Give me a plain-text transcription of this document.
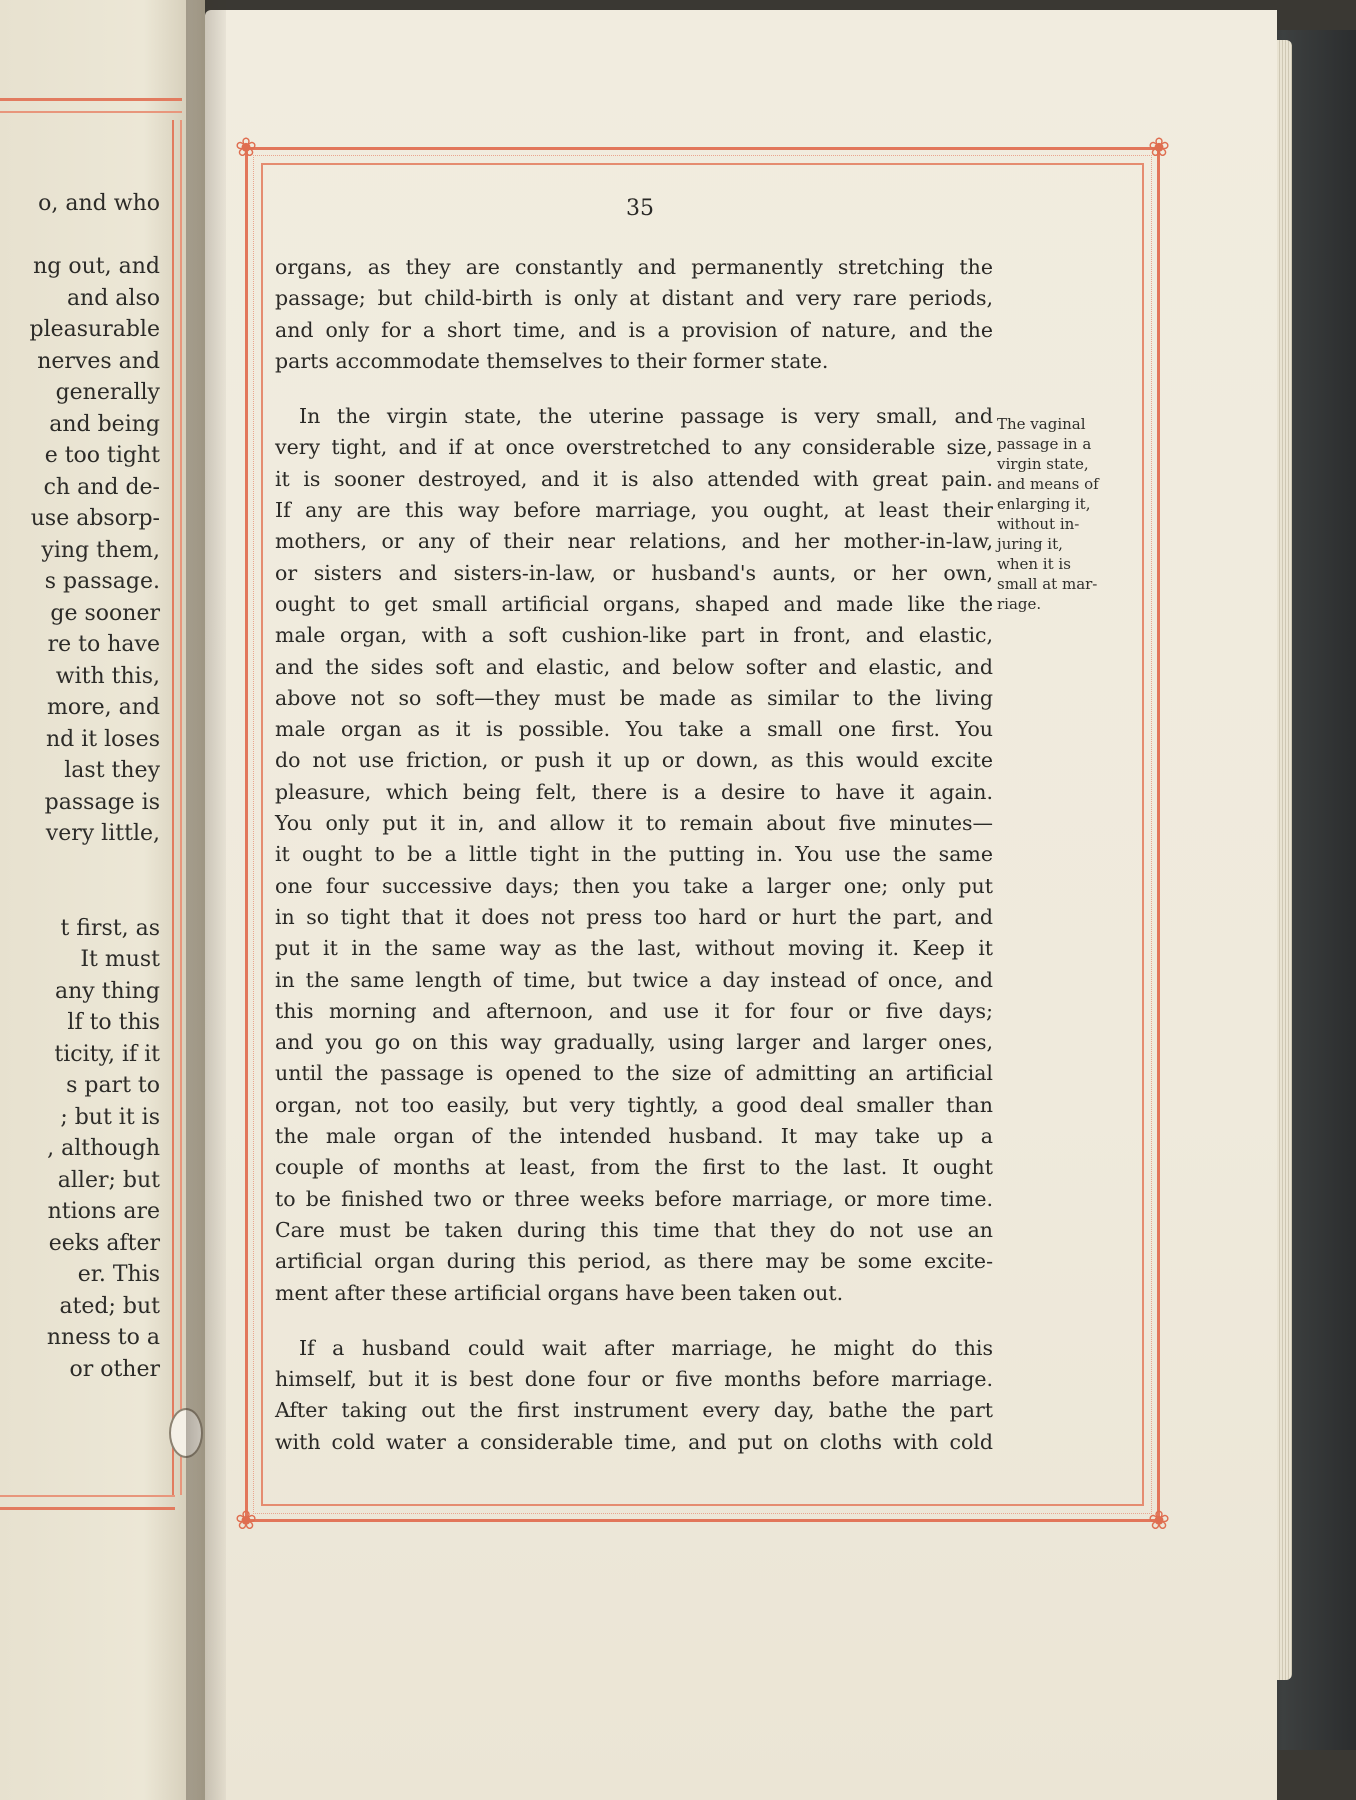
o, and who
ng out, and
and also
pleasurable
nerves and
generally
and being
e too tight
ch and de-
use absorp-
ying them,
s passage.
ge sooner
re to have
with this,
more, and
nd it loses
last they
passage is
very little,
t first, as
It must
any thing
lf to this
ticity, if it
s part to
; but it is
, although
aller; but
ntions are
eeks after
er. This
ated; but
nness to a
or other
❀	❀
❀	❀
35
organs, as they are constantly and permanently stretching the
passage; but child-birth is only at distant and very rare periods,
and only for a short time, and is a provision of nature, and the
parts accommodate themselves to their former state.
In the virgin state, the uterine passage is very small, and
very tight, and if at once overstretched to any considerable size,
it is sooner destroyed, and it is also attended with great pain.
If any are this way before marriage, you ought, at least their
mothers, or any of their near relations, and her mother-in-law,
or sisters and sisters-in-law, or husband's aunts, or her own,
ought to get small artificial organs, shaped and made like the
male organ, with a soft cushion-like part in front, and elastic,
and the sides soft and elastic, and below softer and elastic, and
above not so soft—they must be made as similar to the living
male organ as it is possible. You take a small one first. You
do not use friction, or push it up or down, as this would excite
pleasure, which being felt, there is a desire to have it again.
You only put it in, and allow it to remain about five minutes—
it ought to be a little tight in the putting in. You use the same
one four successive days; then you take a larger one; only put
in so tight that it does not press too hard or hurt the part, and
put it in the same way as the last, without moving it. Keep it
in the same length of time, but twice a day instead of once, and
this morning and afternoon, and use it for four or five days;
and you go on this way gradually, using larger and larger ones,
until the passage is opened to the size of admitting an artificial
organ, not too easily, but very tightly, a good deal smaller than
the male organ of the intended husband. It may take up a
couple of months at least, from the first to the last. It ought
to be finished two or three weeks before marriage, or more time.
Care must be taken during this time that they do not use an
artificial organ during this period, as there may be some excite-
ment after these artificial organs have been taken out.
If a husband could wait after marriage, he might do this
himself, but it is best done four or five months before marriage.
After taking out the first instrument every day, bathe the part
with cold water a considerable time, and put on cloths with cold
The vaginal
passage in a
virgin state,
and means of
enlarging it,
without in-
juring it,
when it is
small at mar-
riage.
